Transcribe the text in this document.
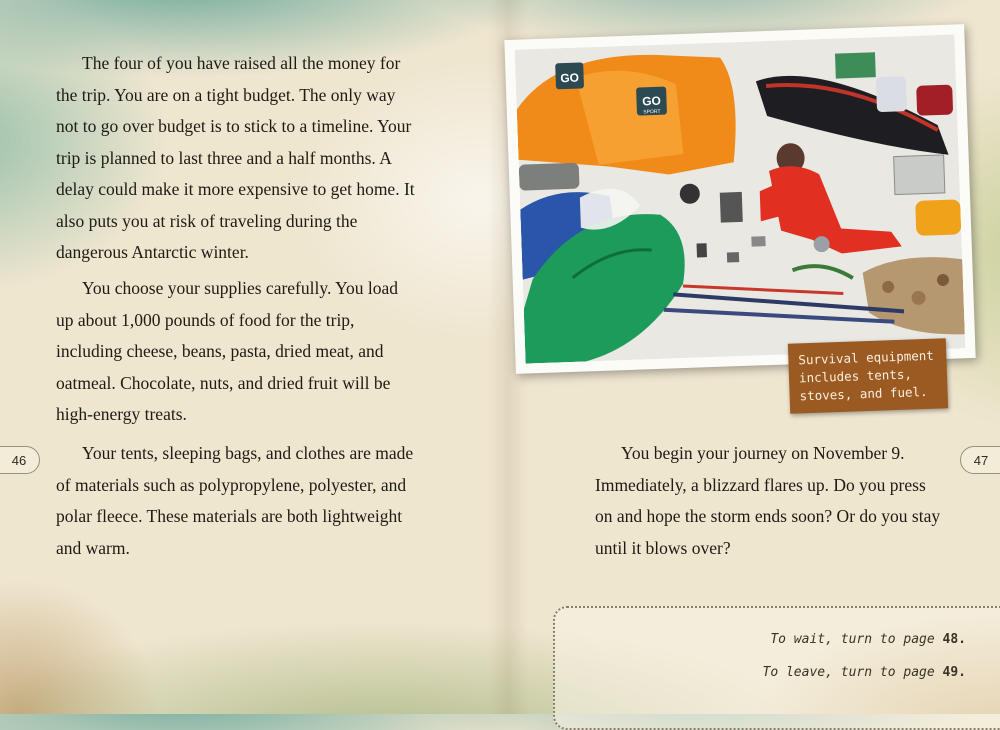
The four of you have raised all the money for the trip. You are on a tight budget. The only way not to go over budget is to stick to a timeline. Your trip is planned to last three and a half months. A delay could make it more expensive to get home. It also puts you at risk of traveling during the dangerous Antarctic winter.

You choose your supplies carefully. You load up about 1,000 pounds of food for the trip, including cheese, beans, pasta, dried meat, and oatmeal. Chocolate, nuts, and dried fruit will be high-energy treats.

Your tents, sleeping bags, and clothes are made of materials such as polypropylene, polyester, and polar fleece. These materials are both lightweight and warm.

46
GO
GO
SPORT
Survival equipment includes tents, stoves, and fuel.

You begin your journey on November 9. Immediately, a blizzard flares up. Do you press on and hope the storm ends soon? Or do you stay until it blows over?

47

To wait, turn to page 48.

To leave, turn to page 49.
